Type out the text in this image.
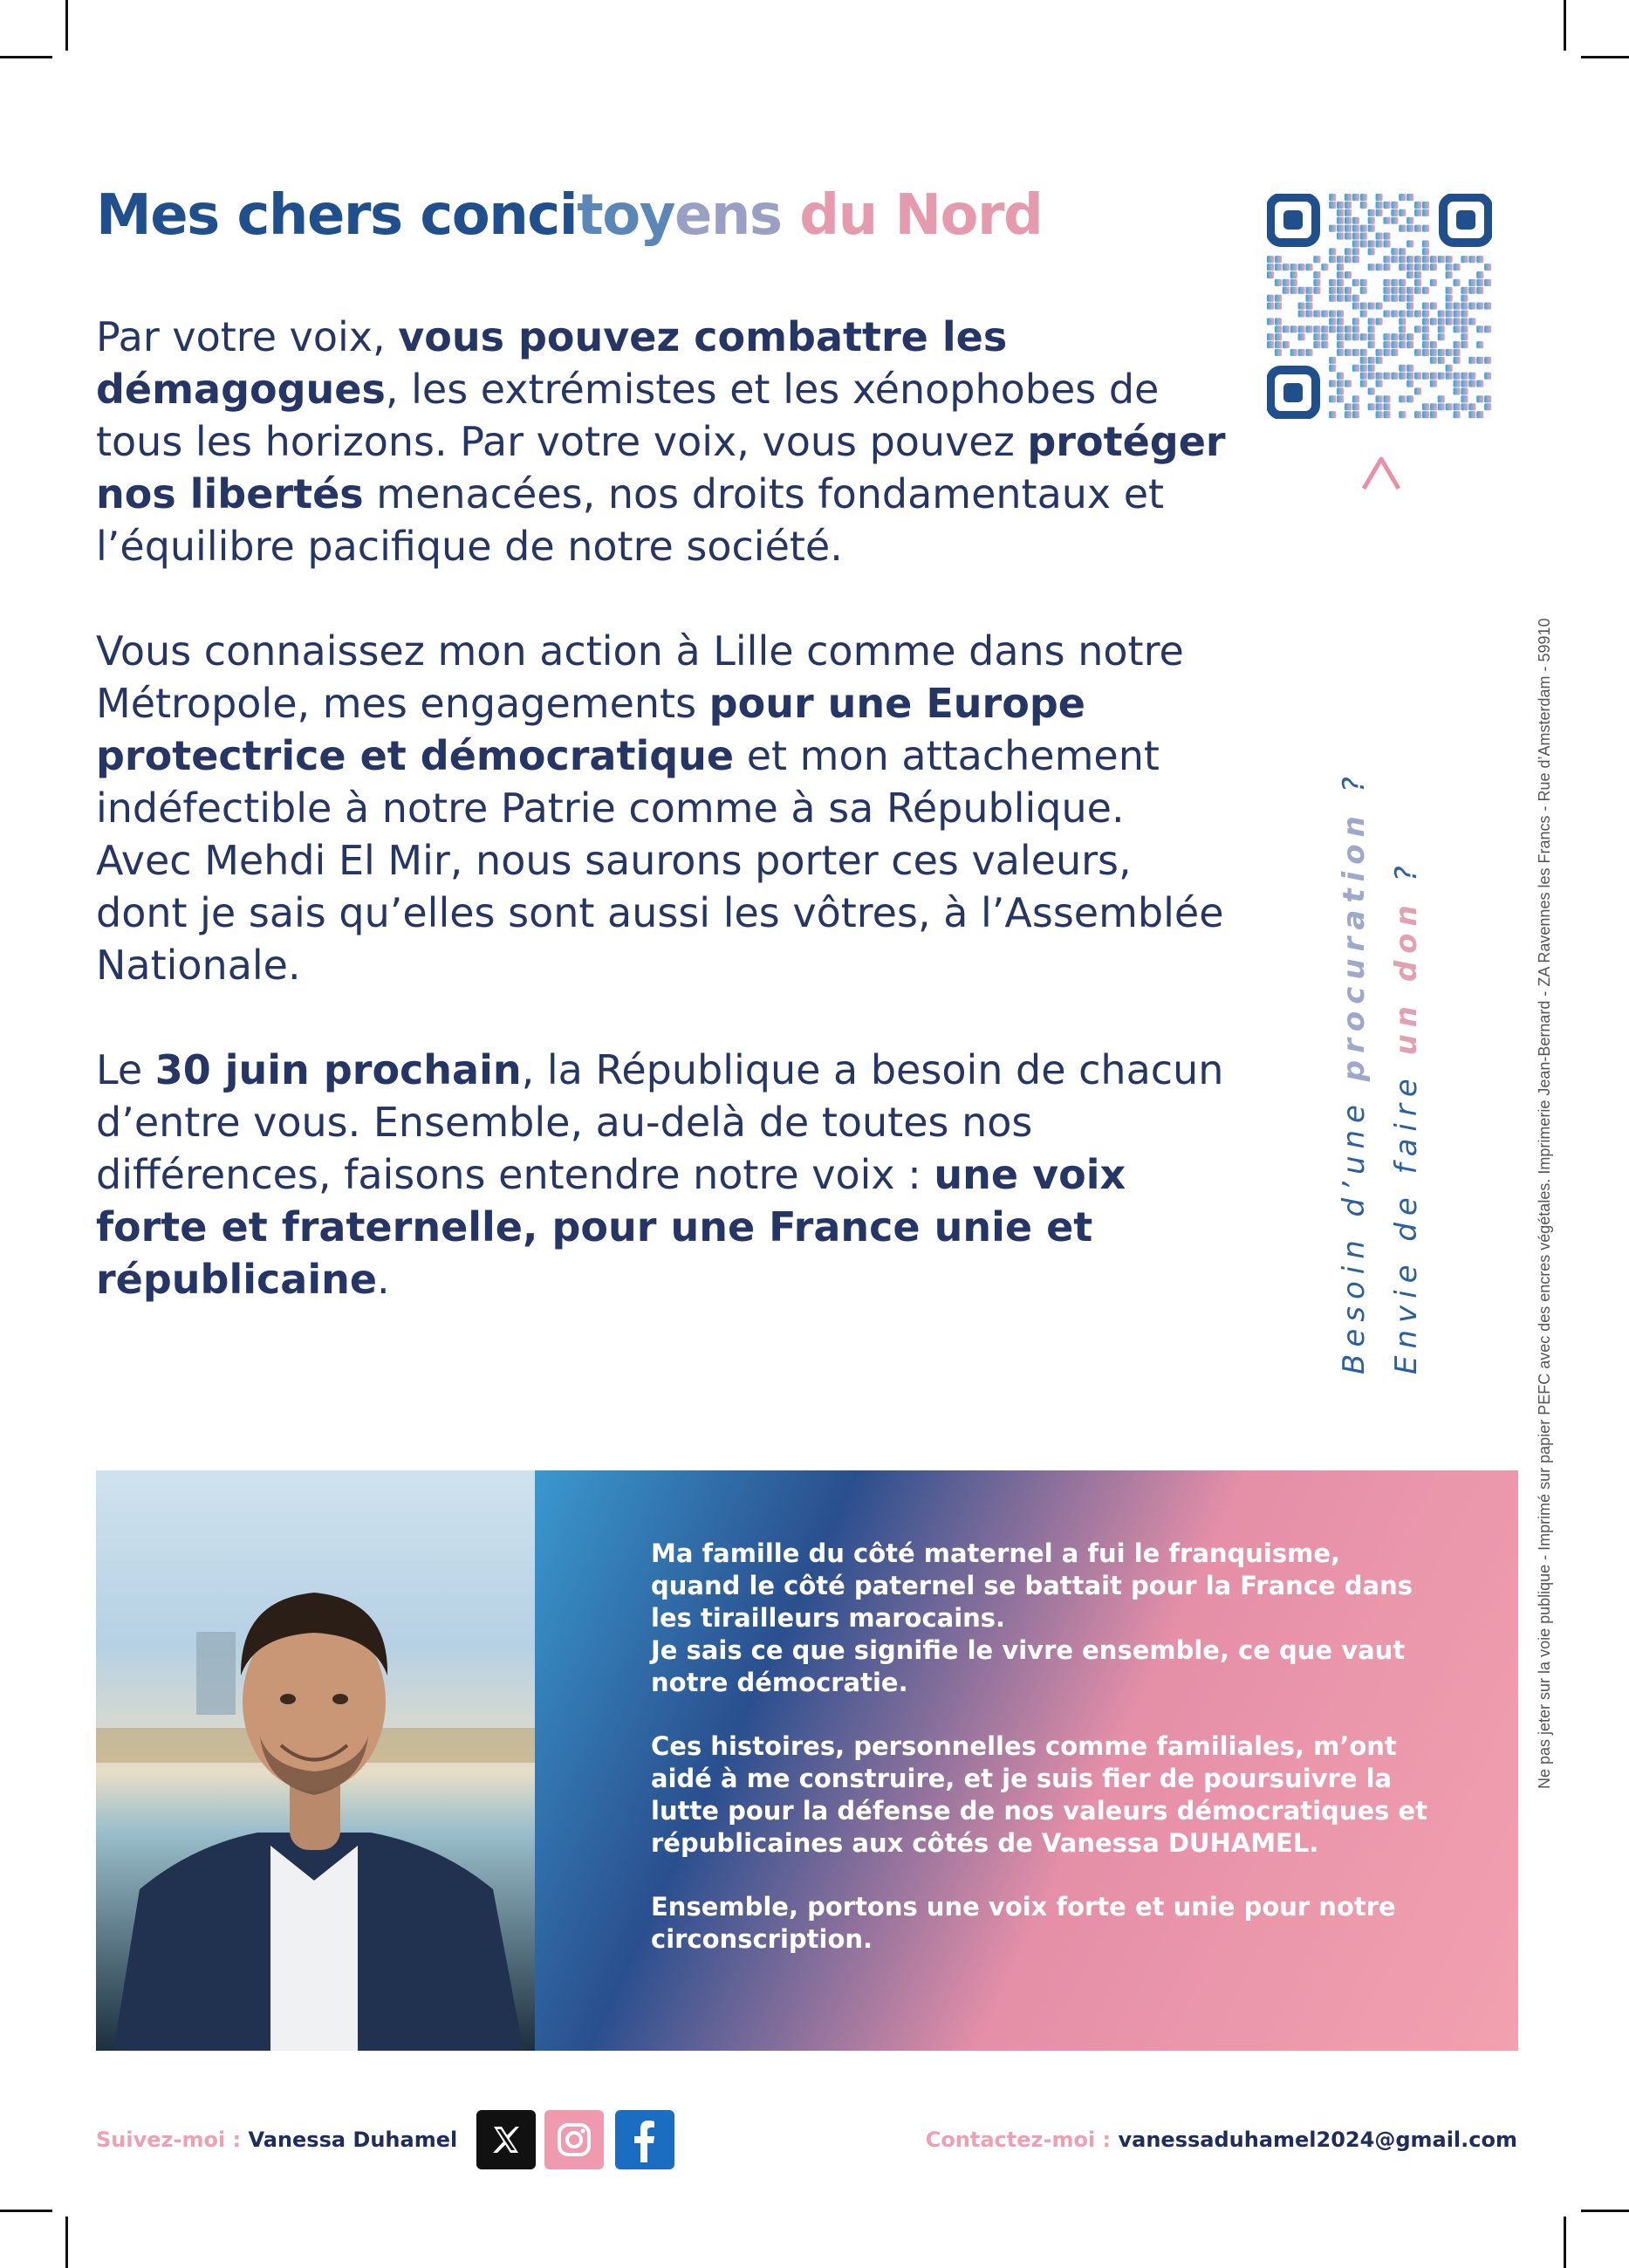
Mes chers concitoyens du Nord

Par votre voix, vous pouvez combattre les démagogues, les extrémistes et les xénophobes de tous les horizons. Par votre voix, vous pouvez protéger nos libertés menacées, nos droits fondamentaux et l’équilibre pacifique de notre société.

Vous connaissez mon action à Lille comme dans notre Métropole, mes engagements pour une Europe protectrice et démocratique et mon attachement indéfectible à notre Patrie comme à sa République. Avec Mehdi El Mir, nous saurons porter ces valeurs, dont je sais qu’elles sont aussi les vôtres, à l’Assemblée Nationale.

Le 30 juin prochain, la République a besoin de chacun d’entre vous. Ensemble, au-delà de toutes nos différences, faisons entendre notre voix : une voix forte et fraternelle, pour une France unie et républicaine.	Besoin d’une procuration ?
Envie de faire un don ?	Ne pas jeter sur la voie publique - Imprimé sur papier PEFC avec des encres végétales. Imprimerie Jean-Bernard - ZA Ravennes les Francs - Rue d’Amsterdam - 59910

Ma famille du côté maternel a fui le franquisme,
quand le côté paternel se battait pour la France dans
les tirailleurs marocains.
Je sais ce que signifie le vivre ensemble, ce que vaut
notre démocratie.

Ces histoires, personnelles comme familiales, m’ont
aidé à me construire, et je suis fier de poursuivre la
lutte pour la défense de nos valeurs démocratiques et
républicaines aux côtés de Vanessa DUHAMEL.

Ensemble, portons une voix forte et unie pour notre
circonscription.

Suivez-moi : Vanessa Duhamel	Contactez-moi : vanessaduhamel2024@gmail.com
